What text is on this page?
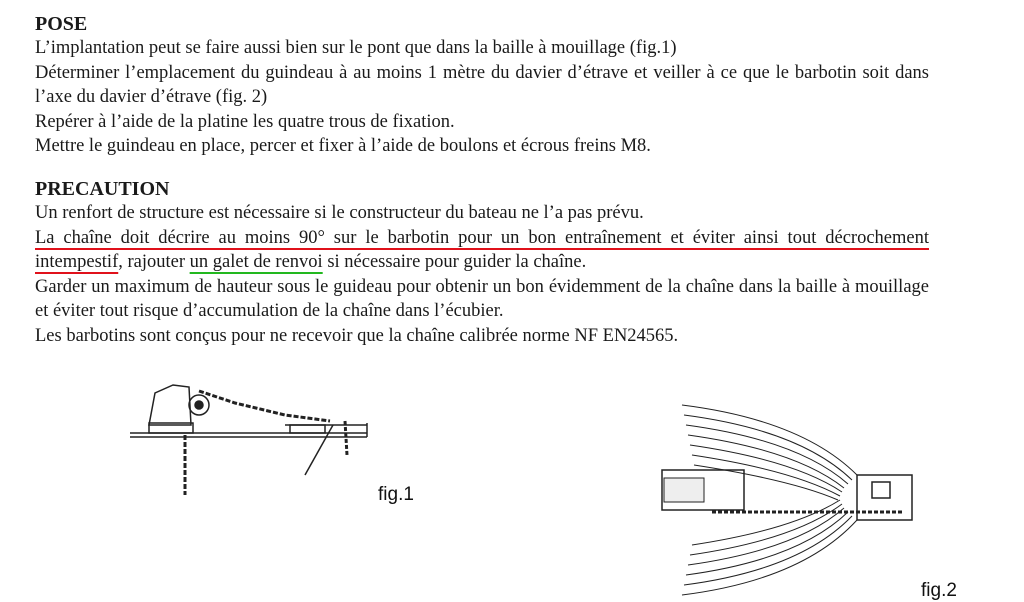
POSE

L’implantation peut se faire aussi bien sur le pont que dans la baille à mouillage (fig.1)

Déterminer l’emplacement du guindeau à au moins 1 mètre du davier d’étrave et veiller à ce que le barbotin soit dans l’axe du davier d’étrave (fig. 2)

Repérer à l’aide de la platine les quatre trous de fixation.

Mettre le guindeau en place, percer et fixer à l’aide de boulons et écrous freins M8.

PRECAUTION

Un renfort de structure est nécessaire si le constructeur du bateau ne l’a pas prévu.

La chaîne doit décrire au moins 90° sur le barbotin pour un bon entraînement et éviter ainsi tout décrochement intempestif, rajouter un galet de renvoi si nécessaire pour guider la chaîne.

Garder un maximum de hauteur sous le guideau pour obtenir un bon évidemment de la chaîne dans la baille à mouillage et éviter tout risque d’accumulation de la chaîne dans l’écubier.

Les barbotins sont conçus pour ne recevoir que la chaîne calibrée norme NF EN24565.

fig.1
fig.2
